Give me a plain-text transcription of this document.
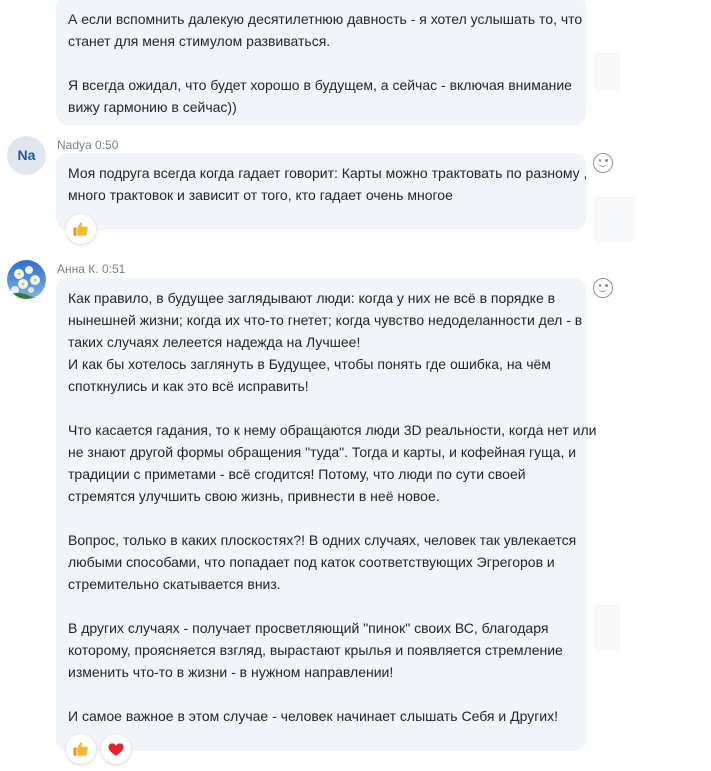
А если вспомнить далекую десятилетнюю давность - я хотел услышать то, что
станет для меня стимулом развиваться.
Я всегда ожидал, что будет хорошо в будущем, а сейчас - включая внимание
вижу гармонию в сейчас))
Na
Nadya 0:50
Моя подруга всегда когда гадает говорит: Карты можно трактовать по разному ,
много трактовок и зависит от того, кто гадает очень многое
Анна К. 0:51
Как правило, в будущее заглядывают люди: когда у них не всё в порядке в
нынешней жизни; когда их что-то гнетет; когда чувство недоделанности дел - в
таких случаях лелеется надежда на Лучшее!
И как бы хотелось заглянуть в Будущее, чтобы понять где ошибка, на чём
споткнулись и как это всё исправить!
Что касается гадания, то к нему обращаются люди 3D реальности, когда нет или
не знают другой формы обращения "туда". Тогда и карты, и кофейная гуща, и
традиции с приметами - всё сгодится! Потому, что люди по сути своей
стремятся улучшить свою жизнь, привнести в неё новое.
Вопрос, только в каких плоскостях?! В одних случаях, человек так увлекается
любыми способами, что попадает под каток соответствующих Эгрегоров и
стремительно скатывается вниз.
В других случаях - получает просветляющий "пинок" своих ВС, благодаря
которому, проясняется взгляд, вырастают крылья и появляется стремление
изменить что-то в жизни - в нужном направлении!
И самое важное в этом случае - человек начинает слышать Себя и Других!
